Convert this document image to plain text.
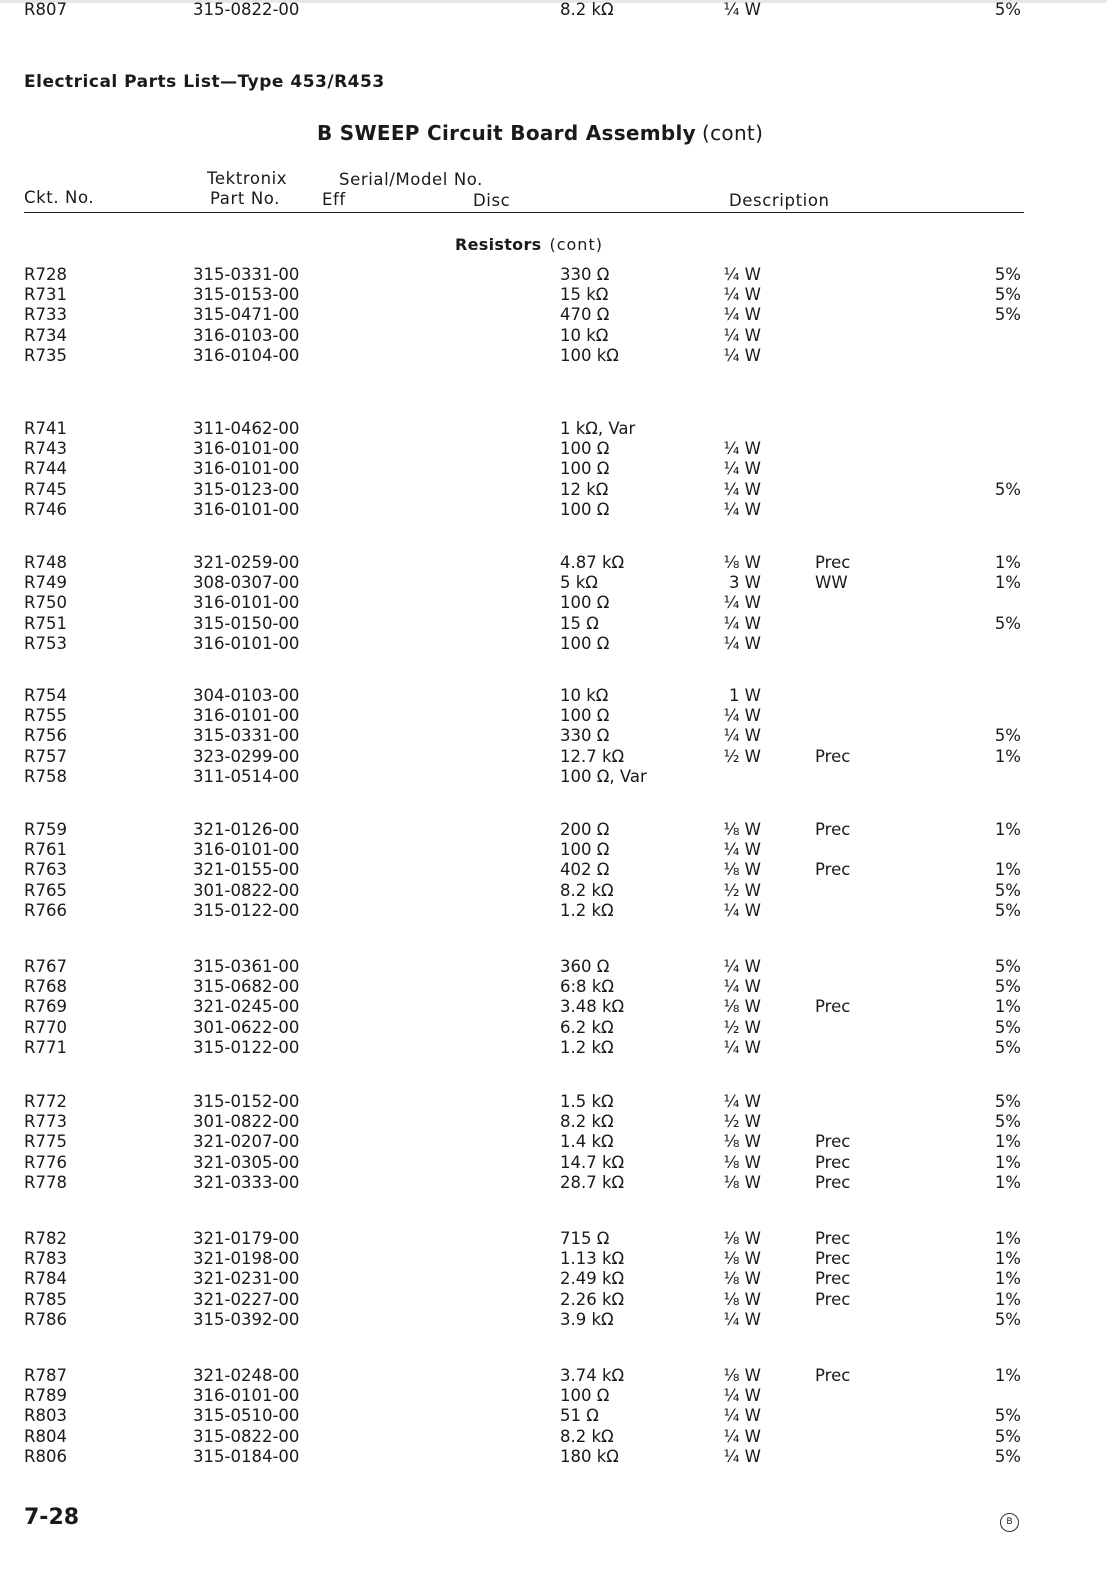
Electrical Parts List—Type 453/R453
B SWEEP Circuit Board Assembly (cont)
Ckt. No.
Tektronix
Part No.
Serial/Model No.
Eff	Disc	Description
Resistors (cont)
R728	315-0331-00	330 Ω	¼ W	5%
R731	315-0153-00	15 kΩ	¼ W	5%
R733	315-0471-00	470 Ω	¼ W	5%
R734	316-0103-00	10 kΩ	¼ W
R735	316-0104-00	100 kΩ	¼ W
R741	311-0462-00	1 kΩ, Var
R743	316-0101-00	100 Ω	¼ W
R744	316-0101-00	100 Ω	¼ W
R745	315-0123-00	12 kΩ	¼ W	5%
R746	316-0101-00	100 Ω	¼ W
R748	321-0259-00	4.87 kΩ	⅛ W	Prec	1%
R749	308-0307-00	5 kΩ	3 W	WW	1%
R750	316-0101-00	100 Ω	¼ W
R751	315-0150-00	15 Ω	¼ W	5%
R753	316-0101-00	100 Ω	¼ W
R754	304-0103-00	10 kΩ	1 W
R755	316-0101-00	100 Ω	¼ W
R756	315-0331-00	330 Ω	¼ W	5%
R757	323-0299-00	12.7 kΩ	½ W	Prec	1%
R758	311-0514-00	100 Ω, Var
R759	321-0126-00	200 Ω	⅛ W	Prec	1%
R761	316-0101-00	100 Ω	¼ W
R763	321-0155-00	402 Ω	⅛ W	Prec	1%
R765	301-0822-00	8.2 kΩ	½ W	5%
R766	315-0122-00	1.2 kΩ	¼ W	5%
R767	315-0361-00	360 Ω	¼ W	5%
R768	315-0682-00	6:8 kΩ	¼ W	5%
R769	321-0245-00	3.48 kΩ	⅛ W	Prec	1%
R770	301-0622-00	6.2 kΩ	½ W	5%
R771	315-0122-00	1.2 kΩ	¼ W	5%
R772	315-0152-00	1.5 kΩ	¼ W	5%
R773	301-0822-00	8.2 kΩ	½ W	5%
R775	321-0207-00	1.4 kΩ	⅛ W	Prec	1%
R776	321-0305-00	14.7 kΩ	⅛ W	Prec	1%
R778	321-0333-00	28.7 kΩ	⅛ W	Prec	1%
R782	321-0179-00	715 Ω	⅛ W	Prec	1%
R783	321-0198-00	1.13 kΩ	⅛ W	Prec	1%
R784	321-0231-00	2.49 kΩ	⅛ W	Prec	1%
R785	321-0227-00	2.26 kΩ	⅛ W	Prec	1%
R786	315-0392-00	3.9 kΩ	¼ W	5%
R787	321-0248-00	3.74 kΩ	⅛ W	Prec	1%
R789	316-0101-00	100 Ω	¼ W
R803	315-0510-00	51 Ω	¼ W	5%
R804	315-0822-00	8.2 kΩ	¼ W	5%
R806	315-0184-00	180 kΩ	¼ W	5%
R807	315-0822-00	8.2 kΩ	¼ W	5%
7-28	B
